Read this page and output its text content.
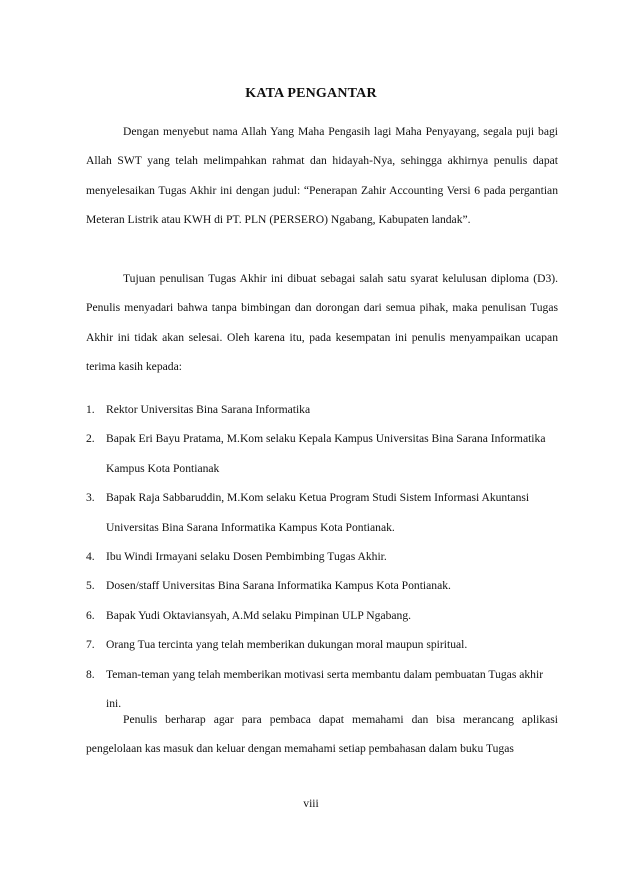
KATA PENGANTAR

Dengan menyebut nama Allah Yang Maha Pengasih lagi Maha Penyayang, segala puji bagi Allah SWT yang telah melimpahkan rahmat dan hidayah-Nya, sehingga akhirnya penulis dapat menyelesaikan Tugas Akhir ini dengan judul: “Penerapan Zahir Accounting Versi 6 pada pergantian Meteran Listrik atau KWH di PT. PLN (PERSERO) Ngabang, Kabupaten landak”.

Tujuan penulisan Tugas Akhir ini dibuat sebagai salah satu syarat kelulusan diploma (D3). Penulis menyadari bahwa tanpa bimbingan dan dorongan dari semua pihak, maka penulisan Tugas Akhir ini tidak akan selesai. Oleh karena itu, pada kesempatan ini penulis menyampaikan ucapan terima kasih kepada:

1. Rektor Universitas Bina Sarana Informatika
2. Bapak Eri Bayu Pratama, M.Kom selaku Kepala Kampus Universitas Bina Sarana Informatika Kampus Kota Pontianak
3. Bapak Raja Sabbaruddin, M.Kom selaku Ketua Program Studi Sistem Informasi Akuntansi Universitas Bina Sarana Informatika Kampus Kota Pontianak.
4. Ibu Windi Irmayani selaku Dosen Pembimbing Tugas Akhir.
5. Dosen/staff Universitas Bina Sarana Informatika Kampus Kota Pontianak.
6. Bapak Yudi Oktaviansyah, A.Md selaku Pimpinan ULP Ngabang.
7. Orang Tua tercinta yang telah memberikan dukungan moral maupun spiritual.
8. Teman-teman yang telah memberikan motivasi serta membantu dalam pembuatan Tugas akhir ini.

Penulis berharap agar para pembaca dapat memahami dan bisa merancang aplikasi pengelolaan kas masuk dan keluar dengan memahami setiap pembahasan dalam buku Tugas

viii
